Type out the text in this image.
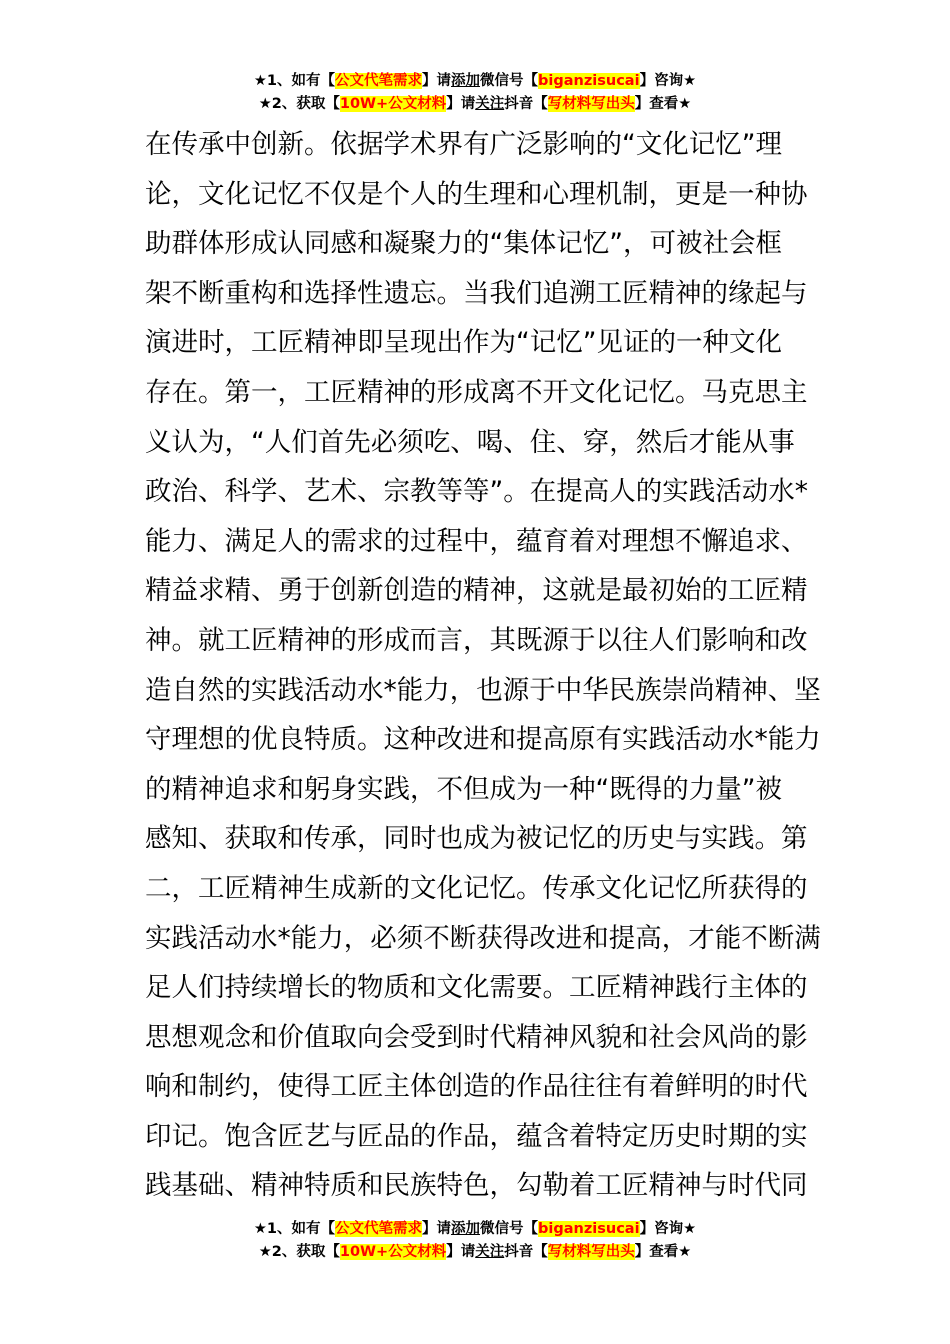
★1、如有【公文代笔需求】请添加微信号【biganzisucai】咨询★
★2、获取【10W+公文材料】请关注抖音【写材料写出头】查看★
在传承中创新。依据学术界有广泛影响的“文化记忆”理
论，文化记忆不仅是个人的生理和心理机制，更是一种协
助群体形成认同感和凝聚力的“集体记忆”，可被社会框
架不断重构和选择性遗忘。当我们追溯工匠精神的缘起与
演进时，工匠精神即呈现出作为“记忆”见证的一种文化
存在。第一，工匠精神的形成离不开文化记忆。马克思主
义认为，“人们首先必须吃、喝、住、穿，然后才能从事
政治、科学、艺术、宗教等等”。在提高人的实践活动水*
能力、满足人的需求的过程中，蕴育着对理想不懈追求、
精益求精、勇于创新创造的精神，这就是最初始的工匠精
神。就工匠精神的形成而言，其既源于以往人们影响和改
造自然的实践活动水*能力，也源于中华民族崇尚精神、坚
守理想的优良特质。这种改进和提高原有实践活动水*能力
的精神追求和躬身实践，不但成为一种“既得的力量”被
感知、获取和传承，同时也成为被记忆的历史与实践。第
二，工匠精神生成新的文化记忆。传承文化记忆所获得的
实践活动水*能力，必须不断获得改进和提高，才能不断满
足人们持续增长的物质和文化需要。工匠精神践行主体的
思想观念和价值取向会受到时代精神风貌和社会风尚的影
响和制约，使得工匠主体创造的作品往往有着鲜明的时代
印记。饱含匠艺与匠品的作品，蕴含着特定历史时期的实
践基础、精神特质和民族特色，勾勒着工匠精神与时代同
★1、如有【公文代笔需求】请添加微信号【biganzisucai】咨询★
★2、获取【10W+公文材料】请关注抖音【写材料写出头】查看★
